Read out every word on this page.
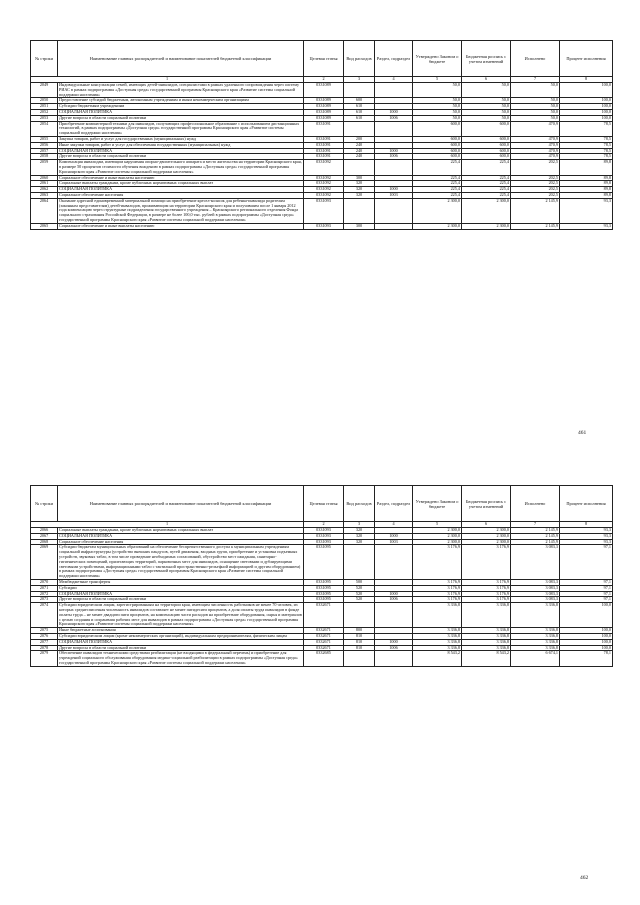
№ строки	Наименование главных распорядителей и наименование показателей бюджетной классификации	Целевая статья	Вид расходов	Раздел, подраздел	Утверждено Законом о бюджете	Бюджетная роспись с учетом изменений	Исполнено	Процент исполнения
1		2	3	4	5	6	7	8
2049	Индивидуальные консультации семей, имеющих детей-инвалидов, специалистами в рамках удаленного сопровождения через систему РИАС в рамках подпрограммы «Доступная среда» государственной программы Красноярского края «Развитие системы социальной поддержки населения»	0331089			50,0	50,0	50,0	100,0
2050	Предоставление субсидий бюджетным, автономным учреждениям и иным некоммерческим организациям	0331089	600		50,0	50,0	50,0	100,0
2051	Субсидии бюджетным учреждениям	0331089	610		50,0	50,0	50,0	100,0
2052	СОЦИАЛЬНАЯ ПОЛИТИКА	0331089	610	1000	50,0	50,0	50,0	100,0
2053	Другие вопросы в области социальной политики	0331089	610	1006	50,0	50,0	50,0	100,0
2054	Приобретение компьютерной техники для инвалидов, получающих профессиональное образование с использованием дистанционных технологий, в рамках подпрограммы «Доступная среда» государственной программы Красноярского края «Развитие системы социальной поддержки населения»	0331091			600,0	600,0	470,9	78,5
2055	Закупка товаров, работ и услуг для государственных (муниципальных) нужд	0331091	200		600,0	600,0	470,9	78,5
2056	Иные закупки товаров, работ и услуг для обеспечения государственных (муниципальных) нужд	0331091	240		600,0	600,0	470,9	78,5
2057	СОЦИАЛЬНАЯ ПОЛИТИКА	0331091	240	1000	600,0	600,0	470,9	78,5
2058	Другие вопросы в области социальной политики	0331091	240	1006	600,0	600,0	470,9	78,5
2059	Компенсация инвалидам, имеющим нарушения опорно-двигательного аппарата и место жительства на территории Красноярского края, в размере 50 процентов стоимости обучения вождению в рамках подпрограммы «Доступная среда» государственной программы Красноярского края «Развитие системы социальной поддержки населения»	0331092			225,4	225,4	202,5	89,8
2060	Социальное обеспечение и иные выплаты населению	0331092	300		225,4	225,4	202,5	89,8
2061	Социальные выплаты гражданам, кроме публичных нормативных социальных выплат	0331092	320		225,4	225,4	202,5	89,8
2062	СОЦИАЛЬНАЯ ПОЛИТИКА	0331092	320	1000	225,4	225,4	202,5	89,8
2063	Социальное обеспечение населения	0331092	320	1003	225,4	225,4	202,5	89,8
2064	Оказание адресной единовременной материальной помощи на приобретение кресел-колясок для ребенка-инвалида родителям (законным представителям) детей-инвалидов, проживающим на территории Красноярского края и получившим после 1 января 2012 года компенсацию через структурные подразделения государственного учреждения – Красноярского регионального отделения Фонда социального страхования Российской Федерации, в размере не более 100,0 тыс. рублей в рамках подпрограммы «Доступная среда» государственной программы Красноярского края «Развитие системы социальной поддержки населения»	0331093			2 300,0	2 300,0	2 145,9	93,3
2065	Социальное обеспечение и иные выплаты населению	0331093	300		2 300,0	2 300,0	2 145,9	93,3
461
№ строки	Наименование главных распорядителей и наименование показателей бюджетной классификации	Целевая статья	Вид расходов	Раздел, подраздел	Утверждено Законом о бюджете	Бюджетная роспись с учетом изменений	Исполнено	Процент исполнения
1		2	3	4	5	6	7	8
2066	Социальные выплаты гражданам, кроме публичных нормативных социальных выплат	0331093	320		2 300,0	2 300,0	2 145,9	93,3
2067	СОЦИАЛЬНАЯ ПОЛИТИКА	0331093	320	1000	2 300,0	2 300,0	2 145,9	93,3
2068	Социальное обеспечение населения	0331093	320	1003	2 300,0	2 300,0	2 145,9	93,3
2069	Субсидии бюджетам муниципальных образований на обеспечение беспрепятственного доступа к муниципальным учреждениям социальной инфраструктуры (устройство внешних пандусов, путей движения, входных групп, приобретение и установка подъемных устройств, звуковых табло, в том числе проведение необходимых согласований, обустройство мест ожидания, санитарно-гигиенических помещений, прилегающих территорий, парковочных мест для инвалидов, оснащение световыми и дублирующими световыми устройствами, информационными табло с тактильной пространственно-рельефной информацией и другим оборудованием) в рамках подпрограммы «Доступная среда» государственной программы Красноярского края «Развитие системы социальной поддержки населения»	0331095			3 176,9	3 176,9	3 083,3	97,1
2070	Межбюджетные трансферты	0331095	500		3 176,9	3 176,9	3 083,3	97,1
2071	Субсидии	0331095	520		3 176,9	3 176,9	3 083,3	97,1
2072	СОЦИАЛЬНАЯ ПОЛИТИКА	0331095	520	1000	3 176,9	3 176,9	3 083,3	97,1
2073	Другие вопросы в области социальной политики	0331095	520	1006	3 176,9	3 176,9	3 083,3	97,1
2074	Субсидии юридическим лицам, зарегистрированным на территории края, имеющим численность работников не менее 70 человек, из которых среднесписочная численность инвалидов составляет не менее пятидесяти процентов, а доля оплаты труда инвалидов в фонде оплаты труда – не менее двадцати пяти процентов, на компенсацию части расходов на приобретение оборудования, сырья и материалов с целью создания и сохранения рабочих мест для инвалидов в рамках подпрограммы «Доступная среда» государственной программы Красноярского края «Развитие системы социальной поддержки населения»	0332671			3 336,8	3 336,8	3 336,8	100,0
2075	Иные бюджетные ассигнования	0332671	800		3 336,8	3 336,8	3 336,8	100,0
2076	Субсидии юридическим лицам (кроме некоммерческих организаций), индивидуальным предпринимателям, физическим лицам	0332671	810		3 336,8	3 336,8	3 336,8	100,0
2077	СОЦИАЛЬНАЯ ПОЛИТИКА	0332671	810	1000	3 336,8	3 336,8	3 336,8	100,0
2078	Другие вопросы в области социальной политики	0332671	810	1006	3 336,8	3 336,8	3 336,8	100,0
2079	Обеспечение инвалидов техническими средствами реабилитации (не входящими в федеральный перечень) и приобретение для учреждений социального обслуживания оборудования медико-социальной реабилитации в рамках подпрограммы «Доступная среда» государственной программы Красноярского края «Развитие системы социальной поддержки населения»	0332685			8 543,2	8 543,2	6 674,1	78,1
462
